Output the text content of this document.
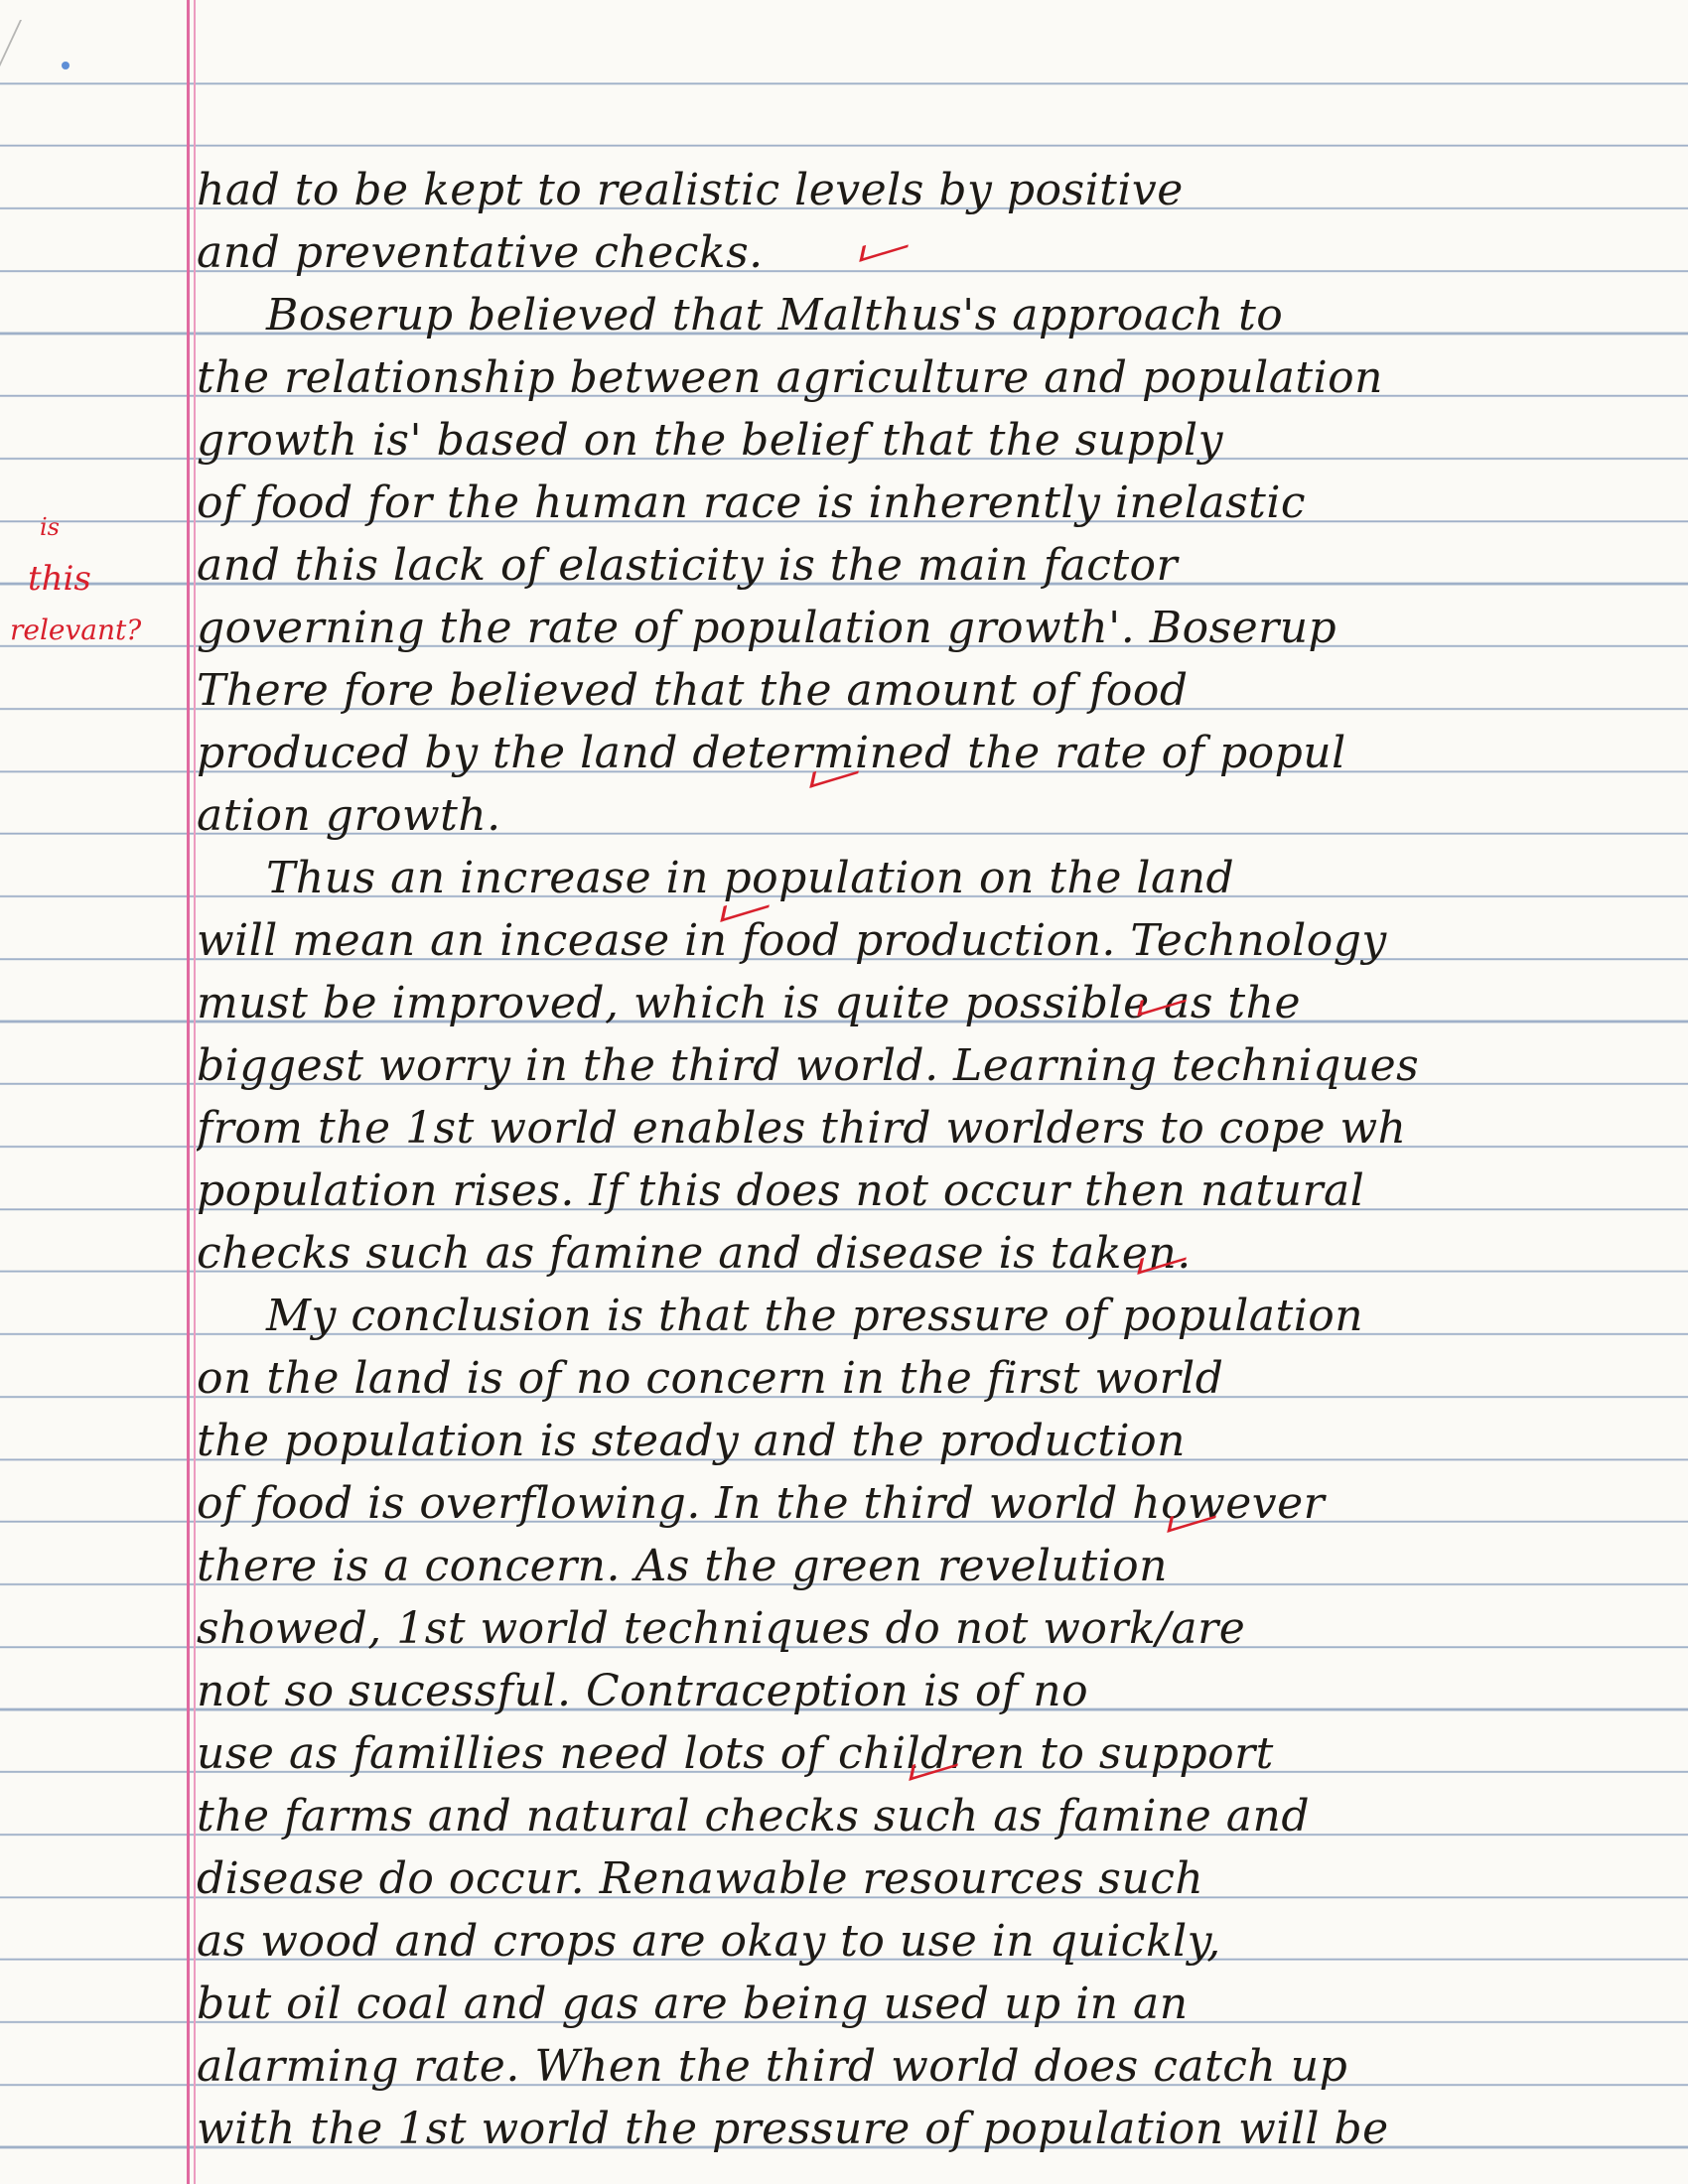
is
this
relevant?
had to be kept to realistic levels by positive
and preventative checks.
Boserup believed that Malthus's approach to
the relationship between agriculture and population
growth is' based on the belief that the supply
of food for the human race is inherently inelastic
and this lack of elasticity is the main factor
governing the rate of population growth'. Boserup
There fore believed that the amount of food
produced by the land determined the rate of popul
ation growth.
Thus an increase in population on the land
will mean an incease in food production. Technology
must be improved, which is quite possible as the
biggest worry in the third world. Learning techniques
from the 1st world enables third worlders to cope wh
population rises. If this does not occur then natural
checks such as famine and disease is taken.
My conclusion is that the pressure of population
on the land is of no concern in the first world
the population is steady and the production
of food is overflowing. In the third world however
there is a concern. As the green revelution
showed, 1st world techniques do not work/are
not so sucessful. Contraception is of no
use as famillies need lots of children to support
the farms and natural checks such as famine and
disease do occur. Renawable resources such
as wood and crops are okay to use in quickly,
but oil coal and gas are being used up in an
alarming rate. When the third world does catch up
with the 1st world the pressure of population will be
